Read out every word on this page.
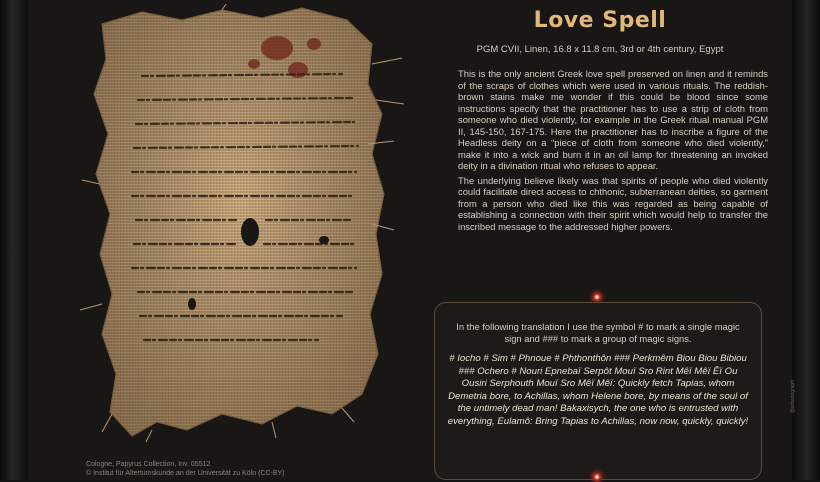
Cologne, Papyrus Collection, Inv. 05512
© Institut für Altertumskunde an der Universität zu Köln (CC-BY)
Love Spell
PGM CVII, Linen, 16.8 x 11.8 cm, 3rd or 4th century, Egypt

This is the only ancient Greek love spell preserved on linen and it reminds of the scraps of clothes which were used in various rituals. The reddish-brown stains make me wonder if this could be blood since some instructions specify that the practitioner has to use a strip of cloth from someone who died violently, for example in the Greek ritual manual PGM II, 145-150, 167-175. Here the practitioner has to inscribe a figure of the Headless deity on a “piece of cloth from someone who died violently,” make it into a wick and burn it in an oil lamp for threatening an invoked deity in a divination ritual who refuses to appear.

The underlying believe likely was that spirits of people who died violently could facilitate direct access to chthonic, subterranean deities, so garment from a person who died like this was regarded as being capable of establishing a connection with their spirit which would help to transfer the inscribed message to the addressed higher powers.

In the following translation I use the symbol # to mark a single magic sign and ### to mark a group of magic signs.
# Iocho # Sim # Phnoue # Phthonthôn ### Perkmêm Biou Biou Bibiou ### Ochero # Nouri Epnebaï Serpôt Mouï Sro Rint Mêï Mêï Êï Ou Ousiri Serphouth Mouï Sro Mêï Mêï: Quickly fetch Tapias, whom Demetria bore, to Achillas, whom Helene bore, by means of the soul of the untimely dead man! Bakaxisych, the one who is entrusted with everything, Eulamô: Bring Tapias to Achillas, now now, quickly, quickly!
@arkanograph
